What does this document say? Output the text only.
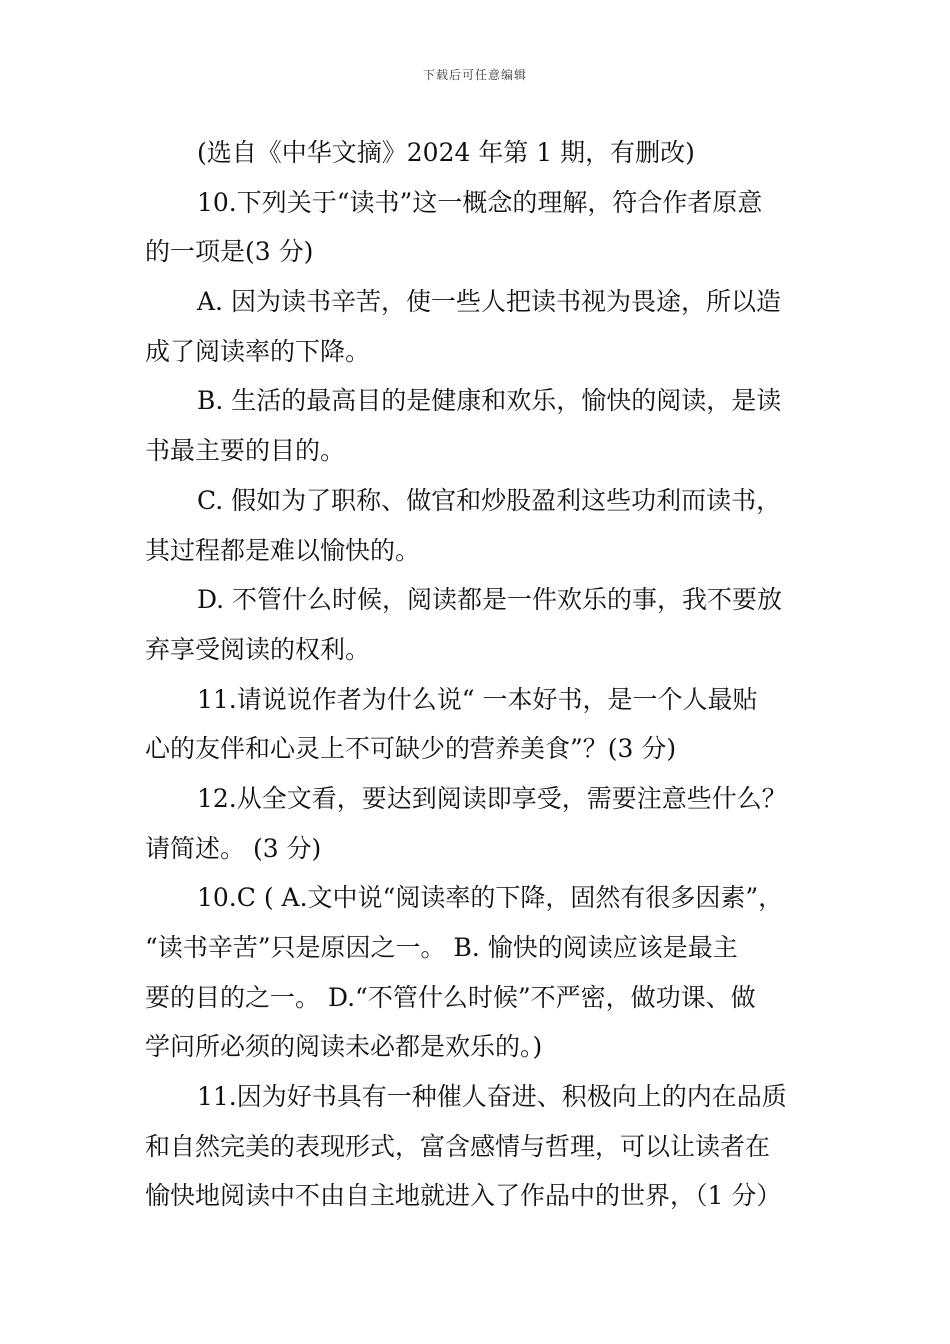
下载后可任意编辑
(选自《中华文摘》2024 年第 1 期，有删改)
10.下列关于“读书”这一概念的理解，符合作者原意
的一项是(3 分)
A. 因为读书辛苦，使一些人把读书视为畏途，所以造
成了阅读率的下降。
B. 生活的最高目的是健康和欢乐，愉快的阅读，是读
书最主要的目的。
C. 假如为了职称、做官和炒股盈利这些功利而读书，
其过程都是难以愉快的。
D. 不管什么时候，阅读都是一件欢乐的事，我不要放
弃享受阅读的权利。
11.请说说作者为什么说“ 一本好书，是一个人最贴
心的友伴和心灵上不可缺少的营养美食”？(3 分)
12.从全文看，要达到阅读即享受，需要注意些什么？
请简述。 (3 分)
10.C ( A.文中说“阅读率的下降，固然有很多因素”，
“读书辛苦”只是原因之一。 B. 愉快的阅读应该是最主
要的目的之一。 D.“不管什么时候”不严密，做功课、做
学问所必须的阅读未必都是欢乐的。)
11.因为好书具有一种催人奋进、积极向上的内在品质
和自然完美的表现形式，富含感情与哲理，可以让读者在
愉快地阅读中不由自主地就进入了作品中的世界，（1 分）
